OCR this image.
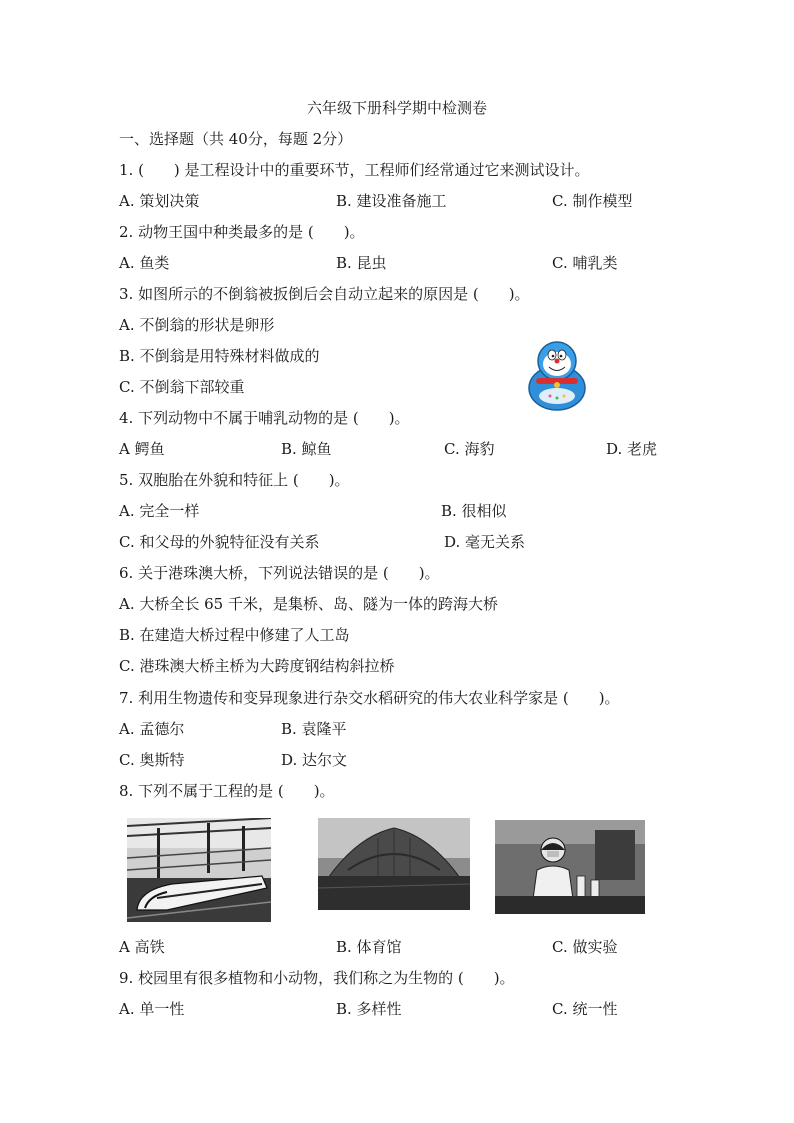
六年级下册科学期中检测卷
一、选择题（共 40分，每题 2分）
1. (　　) 是工程设计中的重要环节，工程师们经常通过它来测试设计。
A. 策划决策	B. 建设准备施工	C. 制作模型
2. 动物王国中种类最多的是 (　　)。
A. 鱼类	B. 昆虫	C. 哺乳类
3. 如图所示的不倒翁被扳倒后会自动立起来的原因是 (　　)。
A. 不倒翁的形状是卵形
B. 不倒翁是用特殊材料做成的
C. 不倒翁下部较重
4. 下列动物中不属于哺乳动物的是 (　　)。
A 鳄鱼	B. 鲸鱼	C. 海豹	D. 老虎
5. 双胞胎在外貌和特征上 (　　)。
A. 完全一样	B. 很相似
C. 和父母的外貌特征没有关系	D. 毫无关系
6. 关于港珠澳大桥，下列说法错误的是 (　　)。
A. 大桥全长 65 千米，是集桥、岛、隧为一体的跨海大桥
B. 在建造大桥过程中修建了人工岛
C. 港珠澳大桥主桥为大跨度钢结构斜拉桥
7. 利用生物遗传和变异现象进行杂交水稻研究的伟大农业科学家是 (　　)。
A. 孟德尔	B. 袁隆平
C. 奥斯特	D. 达尔文
8. 下列不属于工程的是 (　　)。
A 高铁	B. 体育馆	C. 做实验
9. 校园里有很多植物和小动物，我们称之为生物的 (　　)。
A. 单一性	B. 多样性	C. 统一性
